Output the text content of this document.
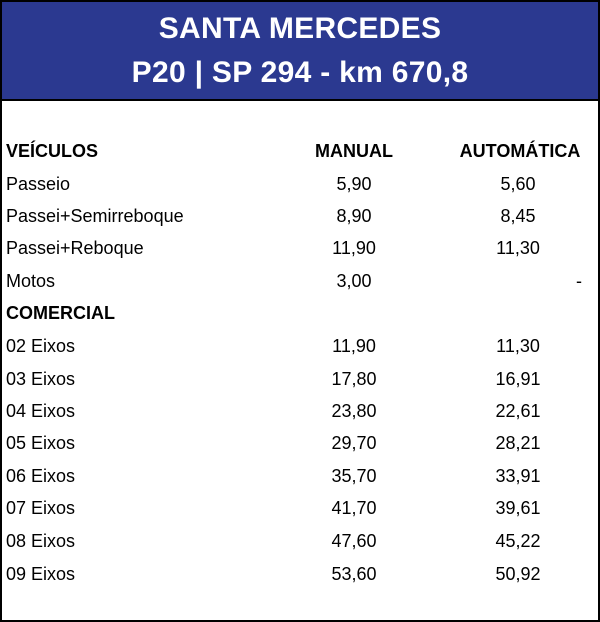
SANTA MERCEDES
P20 | SP 294 - km 670,8
VEÍCULOS	MANUAL	AUTOMÁTICA
Passeio	5,90	5,60
Passei+Semirreboque	8,90	8,45
Passei+Reboque	11,90	11,30
Motos	3,00	-
COMERCIAL
02 Eixos	11,90	11,30
03 Eixos	17,80	16,91
04 Eixos	23,80	22,61
05 Eixos	29,70	28,21
06 Eixos	35,70	33,91
07 Eixos	41,70	39,61
08 Eixos	47,60	45,22
09 Eixos	53,60	50,92
